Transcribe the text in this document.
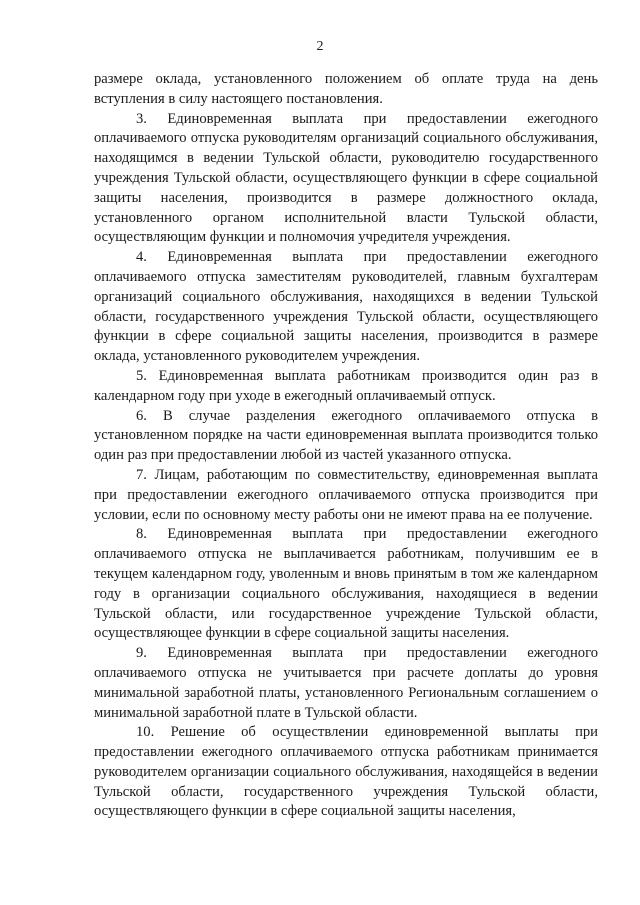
2

размере оклада, установленного положением об оплате труда на день вступления в силу настоящего постановления.

3. Единовременная выплата при предоставлении ежегодного оплачиваемого отпуска руководителям организаций социального обслуживания, находящимся в ведении Тульской области, руководителю государственного учреждения Тульской области, осуществляющего функции в сфере социальной защиты населения, производится в размере должностного оклада, установленного органом исполнительной власти Тульской области, осуществляющим функции и полномочия учредителя учреждения.

4. Единовременная выплата при предоставлении ежегодного оплачиваемого отпуска заместителям руководителей, главным бухгалтерам организаций социального обслуживания, находящихся в ведении Тульской области, государственного учреждения Тульской области, осуществляющего функции в сфере социальной защиты населения, производится в размере оклада, установленного руководителем учреждения.

5. Единовременная выплата работникам производится один раз в календарном году при уходе в ежегодный оплачиваемый отпуск.

6. В случае разделения ежегодного оплачиваемого отпуска в установленном порядке на части единовременная выплата производится только один раз при предоставлении любой из частей указанного отпуска.

7. Лицам, работающим по совместительству, единовременная выплата при предоставлении ежегодного оплачиваемого отпуска производится при условии, если по основному месту работы они не имеют права на ее получение.

8. Единовременная выплата при предоставлении ежегодного оплачиваемого отпуска не выплачивается работникам, получившим ее в текущем календарном году, уволенным и вновь принятым в том же календарном году в организации социального обслуживания, находящиеся в ведении Тульской области, или государственное учреждение Тульской области, осуществляющее функции в сфере социальной защиты населения.

9. Единовременная выплата при предоставлении ежегодного оплачиваемого отпуска не учитывается при расчете доплаты до уровня минимальной заработной платы, установленного Региональным соглашением о минимальной заработной плате в Тульской области.

10. Решение об осуществлении единовременной выплаты при предоставлении ежегодного оплачиваемого отпуска работникам принимается руководителем организации социального обслуживания, находящейся в ведении Тульской области, государственного учреждения Тульской области, осуществляющего функции в сфере социальной защиты населения,
